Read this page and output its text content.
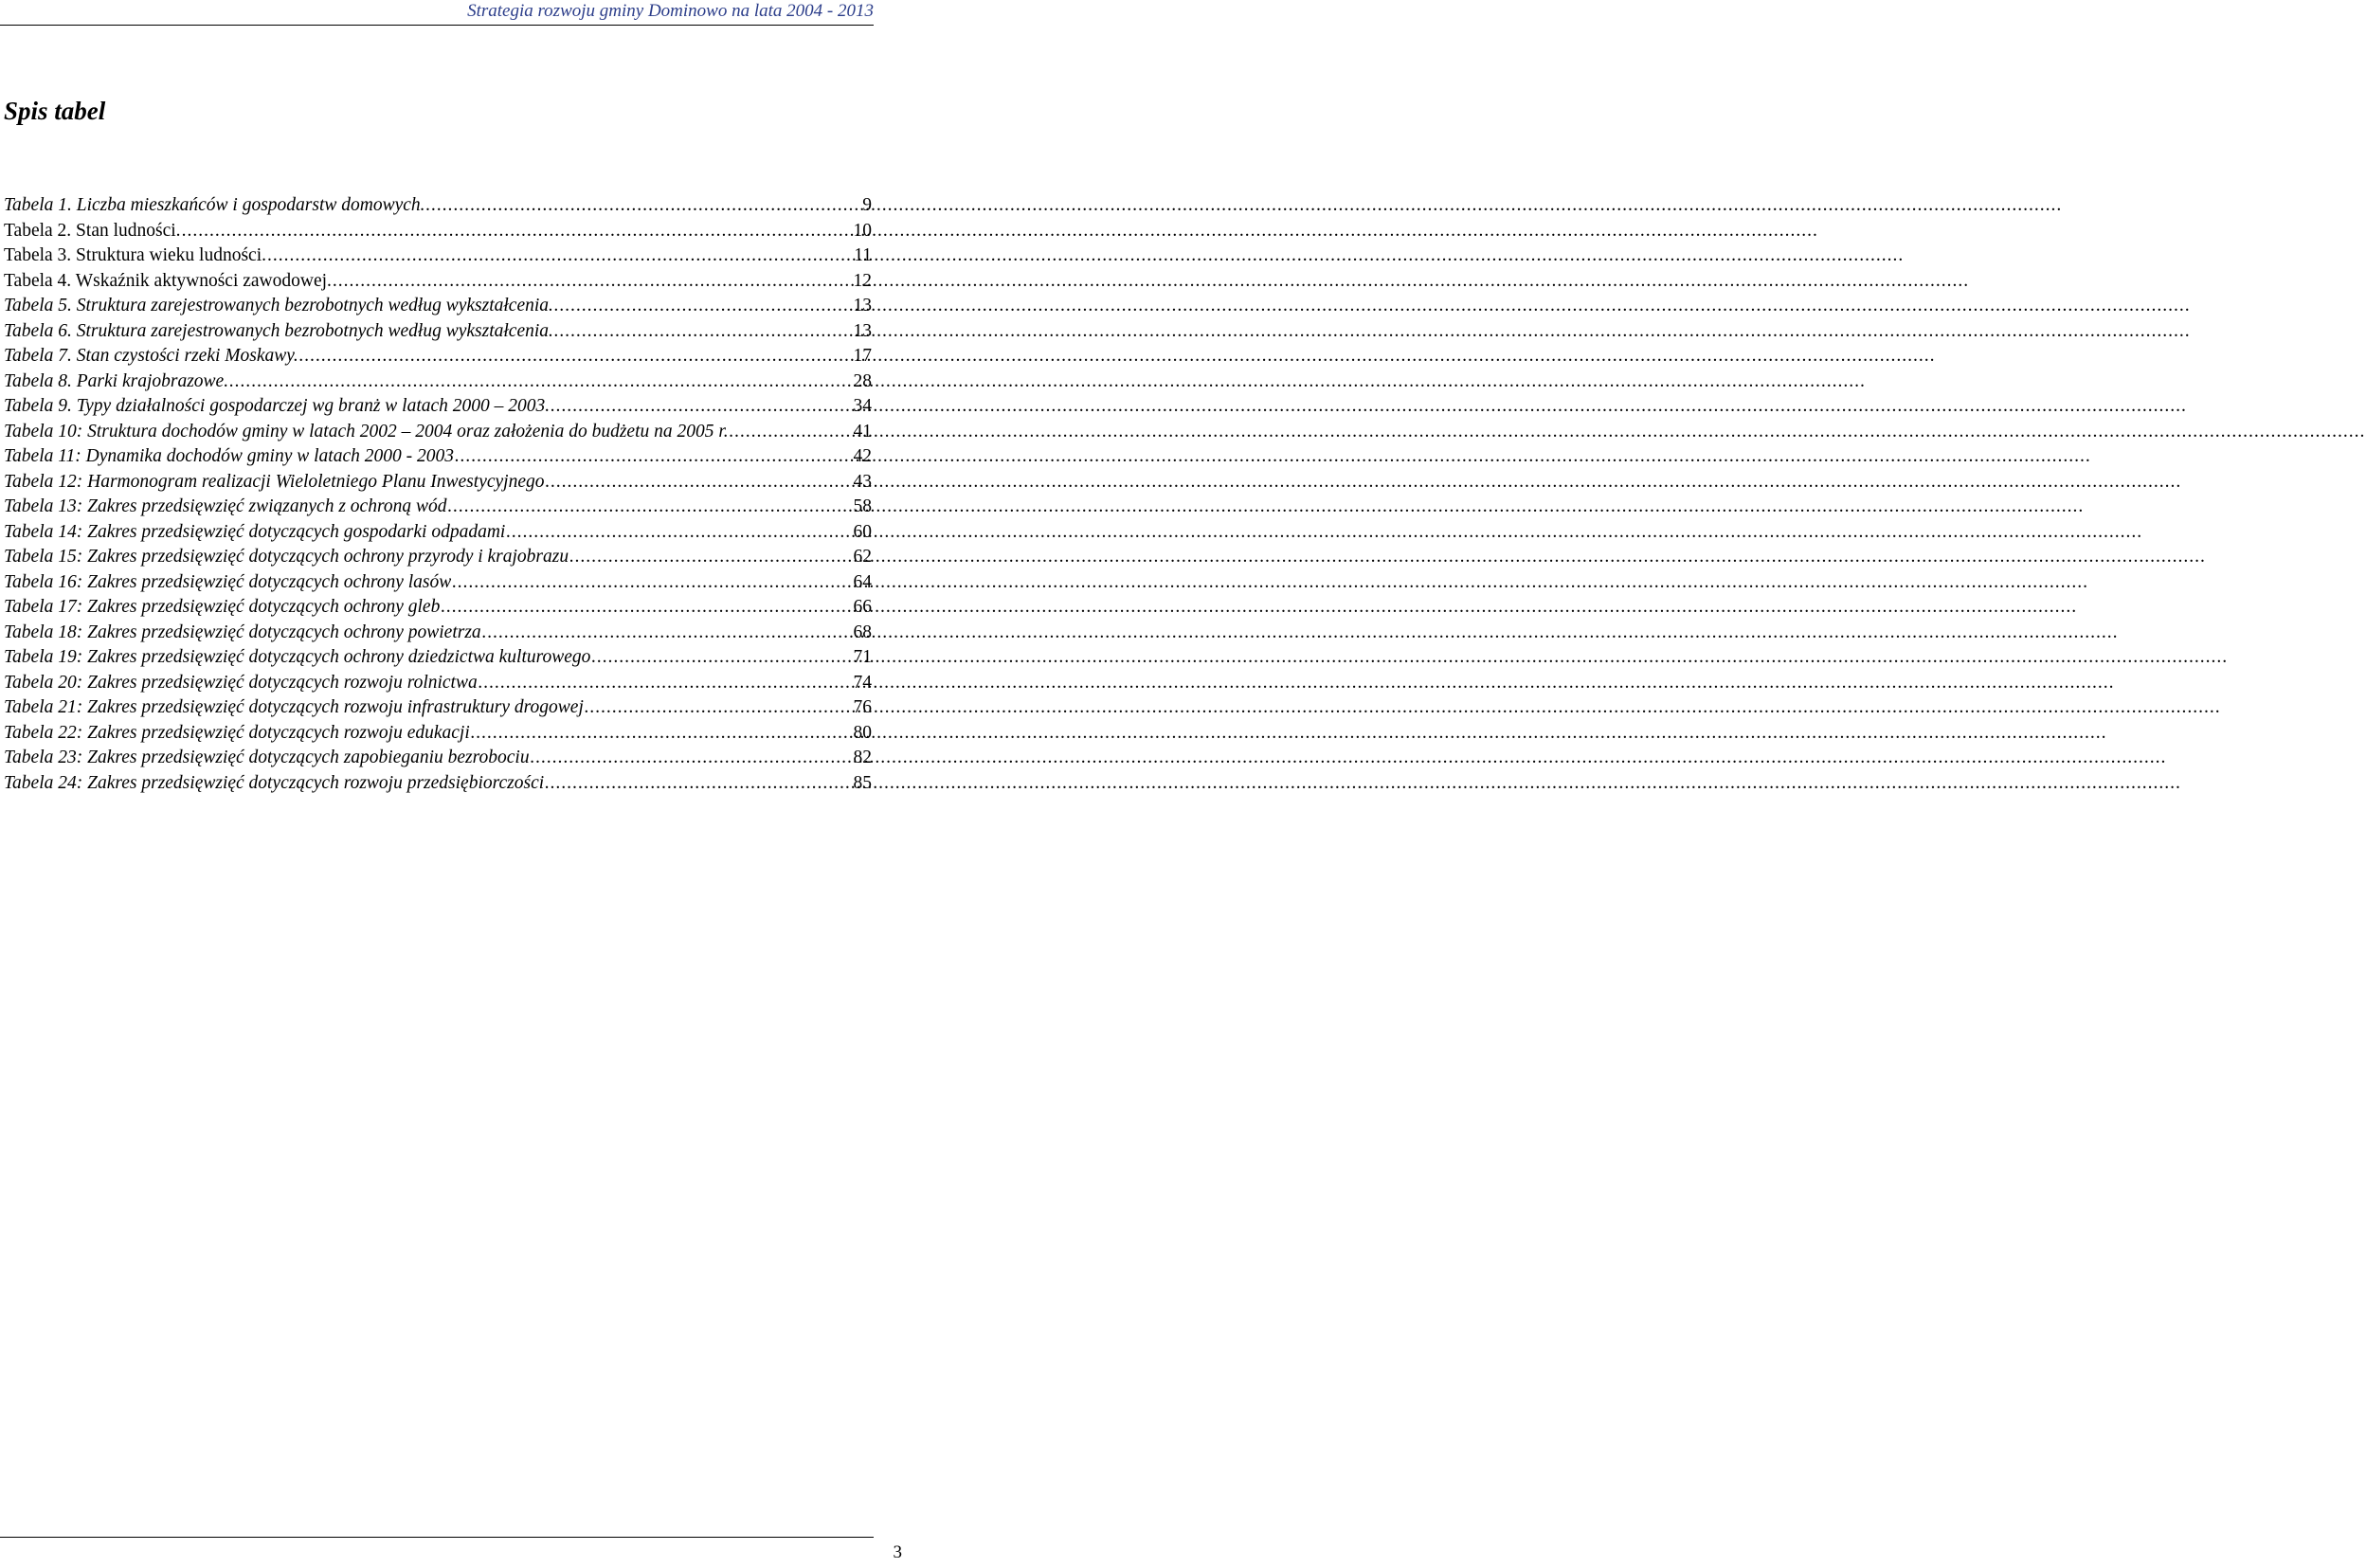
Strategia rozwoju gminy Dominowo na lata 2004 - 2013
Spis tabel
Tabela 1. Liczba mieszkańców i gospodarstw domowych. .....	9
Tabela 2. Stan ludności. .....	10
Tabela 3. Struktura wieku ludności. .....	11
Tabela 4. Wskaźnik aktywności zawodowej. .....	12
Tabela 5. Struktura zarejestrowanych bezrobotnych według wykształcenia. .....	13
Tabela 6. Struktura zarejestrowanych bezrobotnych według wykształcenia. .....	13
Tabela 7. Stan czystości rzeki Moskawy. .....	17
Tabela 8. Parki krajobrazowe. .....	28
Tabela 9. Typy działalności gospodarczej wg branż w latach 2000 – 2003. .....	34
Tabela 10: Struktura dochodów gminy w latach 2002 – 2004 oraz założenia do budżetu na 2005 r. .....	41
Tabela 11: Dynamika dochodów gminy w latach 2000 - 2003 .....	42
Tabela 12: Harmonogram realizacji Wieloletniego Planu Inwestycyjnego .....	43
Tabela 13: Zakres przedsięwzięć związanych z ochroną wód .....	58
Tabela 14: Zakres przedsięwzięć dotyczących gospodarki odpadami .....	60
Tabela 15: Zakres przedsięwzięć dotyczących ochrony przyrody i krajobrazu .....	62
Tabela 16: Zakres przedsięwzięć dotyczących ochrony lasów .....	64
Tabela 17: Zakres przedsięwzięć dotyczących ochrony gleb .....	66
Tabela 18: Zakres przedsięwzięć dotyczących ochrony powietrza .....	68
Tabela 19: Zakres przedsięwzięć dotyczących ochrony dziedzictwa kulturowego .....	71
Tabela 20: Zakres przedsięwzięć dotyczących rozwoju rolnictwa .....	74
Tabela 21: Zakres przedsięwzięć dotyczących rozwoju infrastruktury drogowej .....	76
Tabela 22: Zakres przedsięwzięć dotyczących rozwoju edukacji .....	80
Tabela 23: Zakres przedsięwzięć dotyczących zapobieganiu bezrobociu .....	82
Tabela 24: Zakres przedsięwzięć dotyczących rozwoju przedsiębiorczości .....	85
3
